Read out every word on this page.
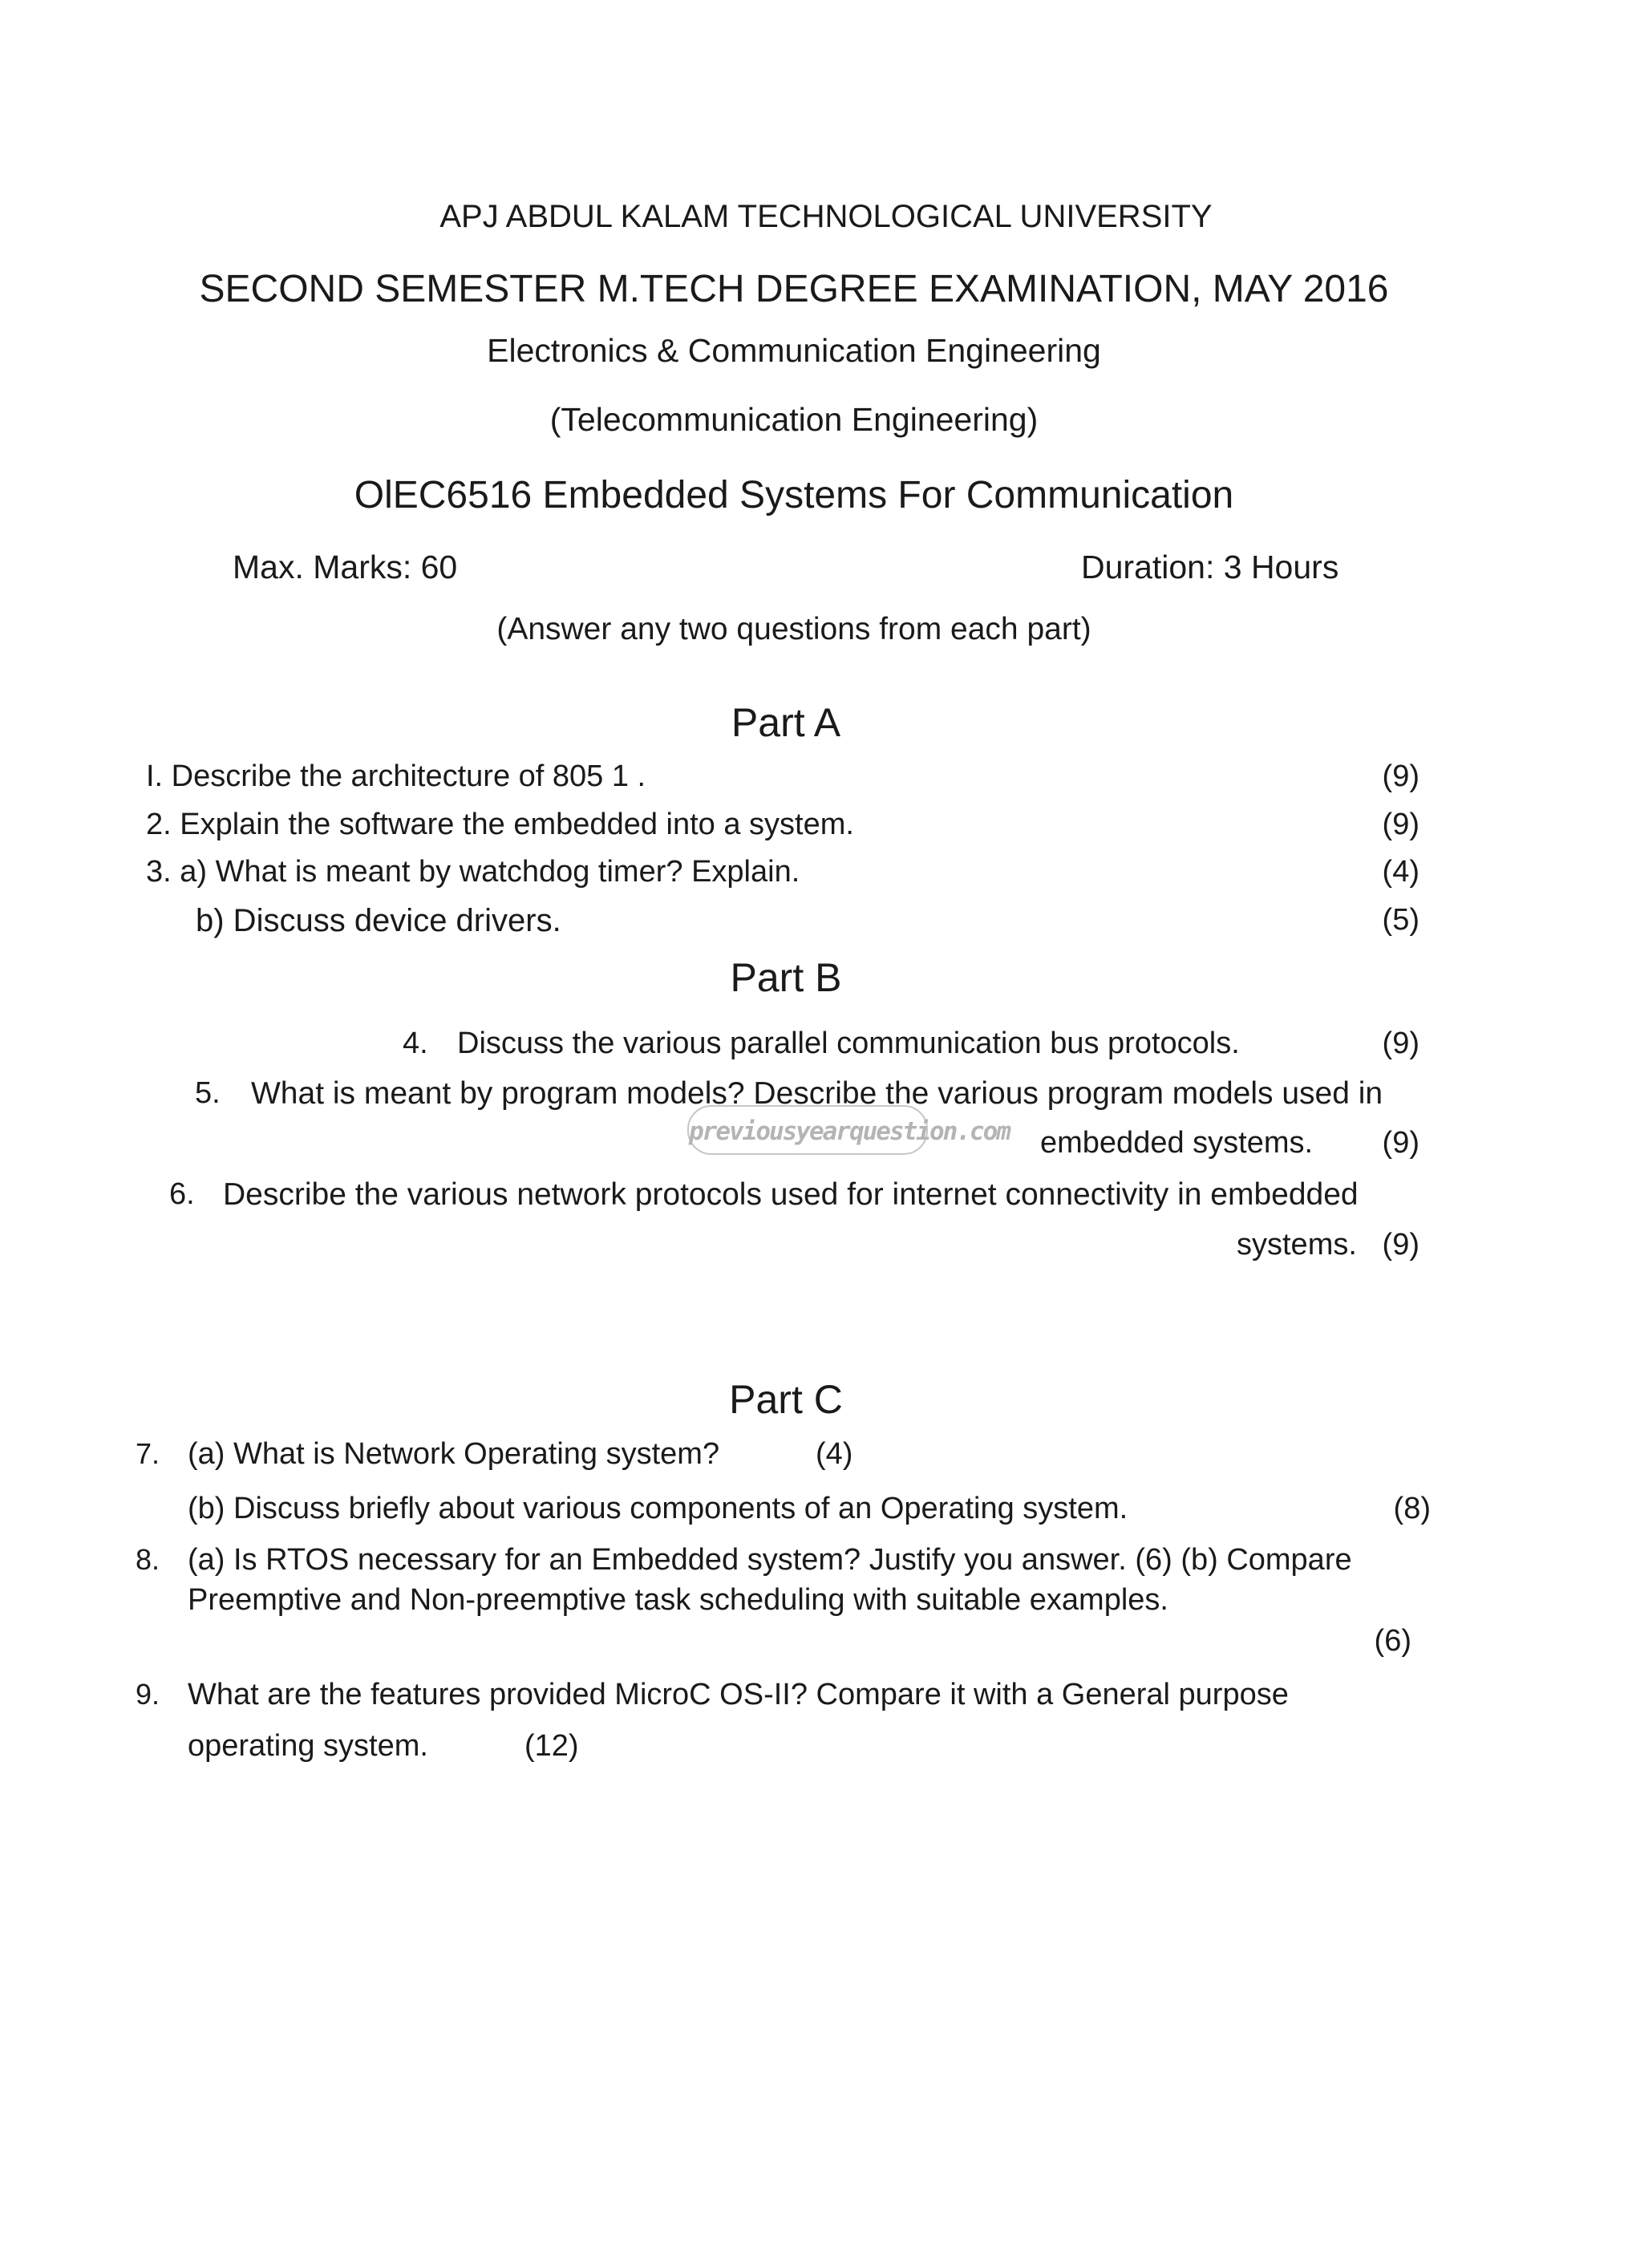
APJ ABDUL KALAM TECHNOLOGICAL UNIVERSITY
SECOND SEMESTER M.TECH DEGREE EXAMINATION, MAY 2016
Electronics & Communication Engineering
(Telecommunication Engineering)
OlEC6516 Embedded Systems For Communication
Max. Marks: 60	Duration: 3 Hours
(Answer any two questions from each part)
Part A
I. Describe the architecture of 805 1 .	(9)
2. Explain the software the embedded into a system.	(9)
3. a) What is meant by watchdog timer? Explain.	(4)
b) Discuss device drivers.	(5)
Part B
4. Discuss the various parallel communication bus protocols.	(9)
5. What is meant by program models? Describe the various program models used in
embedded systems.	(9)
6. Describe the various network protocols used for internet connectivity in embedded
systems. (9)
previousyearquestion.com
Part C
7. (a) What is Network Operating system?	(4)
(b) Discuss briefly about various components of an Operating system.	(8)
8. (a) Is RTOS necessary for an Embedded system? Justify you answer. (6) (b) Compare
Preemptive and Non-preemptive task scheduling with suitable examples.
(6)
9. What are the features provided MicroC OS-II? Compare it with a General purpose
operating system.	(12)
